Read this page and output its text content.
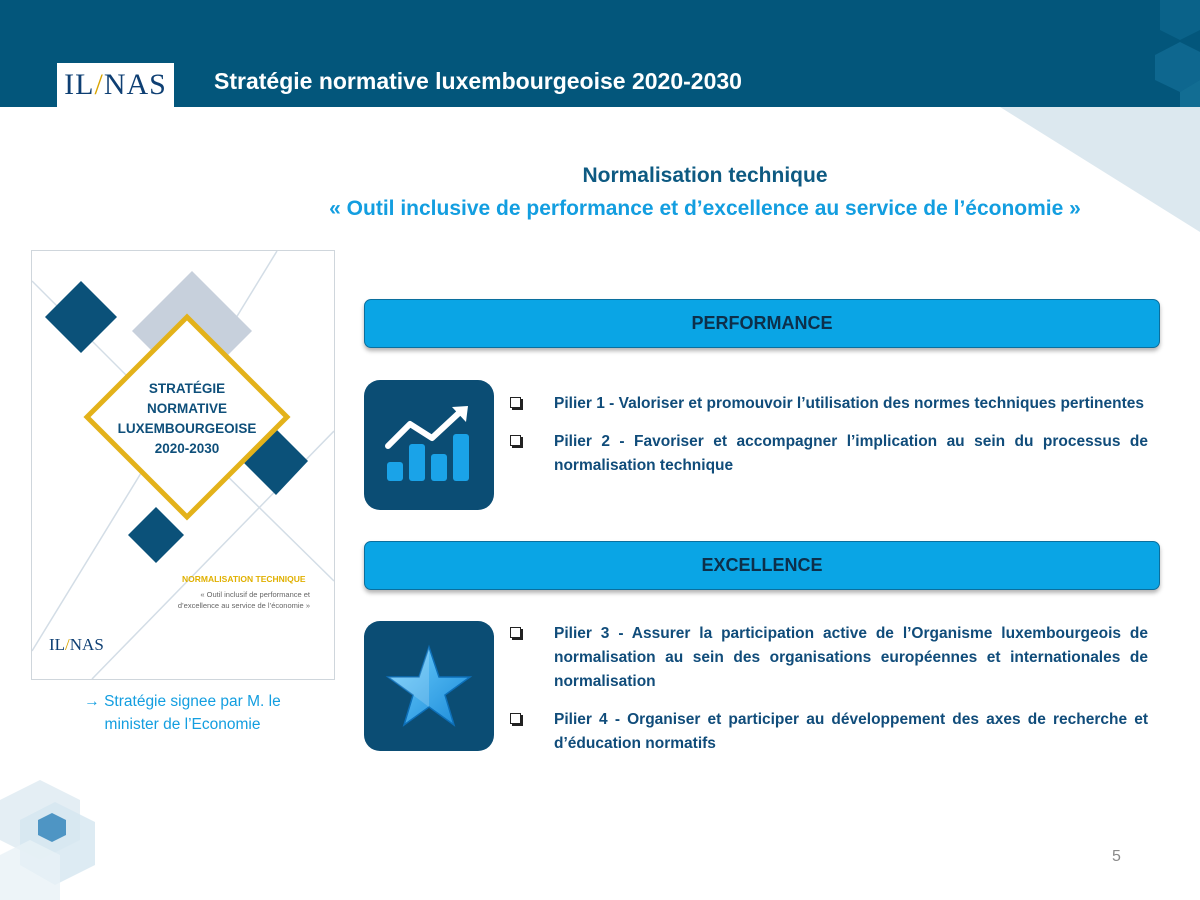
IL/NAS Stratégie normative luxembourgeoise 2020-2030
Normalisation technique
« Outil inclusive de performance et d’excellence au service de l’économie »
STRATÉGIE
NORMATIVE
LUXEMBOURGEOISE
2020-2030
NORMALISATION TECHNIQUE
« Outil inclusif de performance et
d’excellence au service de l’économie »
IL/NAS
→ Stratégie signee par M. le
minister de l’Economie
PERFORMANCE
Pilier 1 - Valoriser et promouvoir l’utilisation des normes techniques pertinentes
Pilier 2 - Favoriser et accompagner l’implication au sein du processus de normalisation technique
EXCELLENCE
Pilier 3 - Assurer la participation active de l’Organisme luxembourgeois de normalisation au sein des organisations européennes et internationales de normalisation
Pilier 4 - Organiser et participer au développement des axes de recherche et d’éducation normatifs
5
